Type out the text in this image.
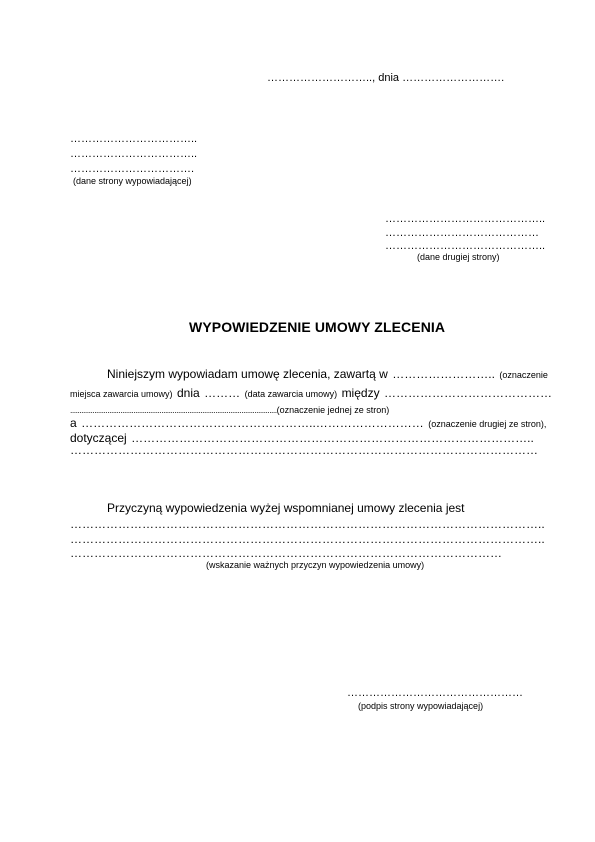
……………………….., dnia ……………………….
……………………………..
……………………………..
…………………………….
(dane strony wypowiadającej)
……………………………………..
……………………………………
……………………………………..
(dane drugiej strony)
WYPOWIEDZENIE UMOWY ZLECENIA
Niniejszym wypowiadam umowę zlecenia, zawartą w …………………….. (oznaczenie
miejsca zawarcia umowy) dnia ……… (data zawarcia umowy) między ……………………………………
...............................................................................................................(oznaczenie jednej ze stron)
a …………………………………………………..……………………… (oznaczenie drugiej ze stron),
dotyczącej ………………………………………………………………………………………..
………………………………………………………………………………………………………
Przyczyną wypowiedzenia wyżej wspomnianej umowy zlecenia jest
………………………………………………………………………………………………………..
………………………………………………………………………………………………………..
………………………………………………………………………………………………
(wskazanie ważnych przyczyn wypowiedzenia umowy)
…………………………………………
(podpis strony wypowiadającej)
